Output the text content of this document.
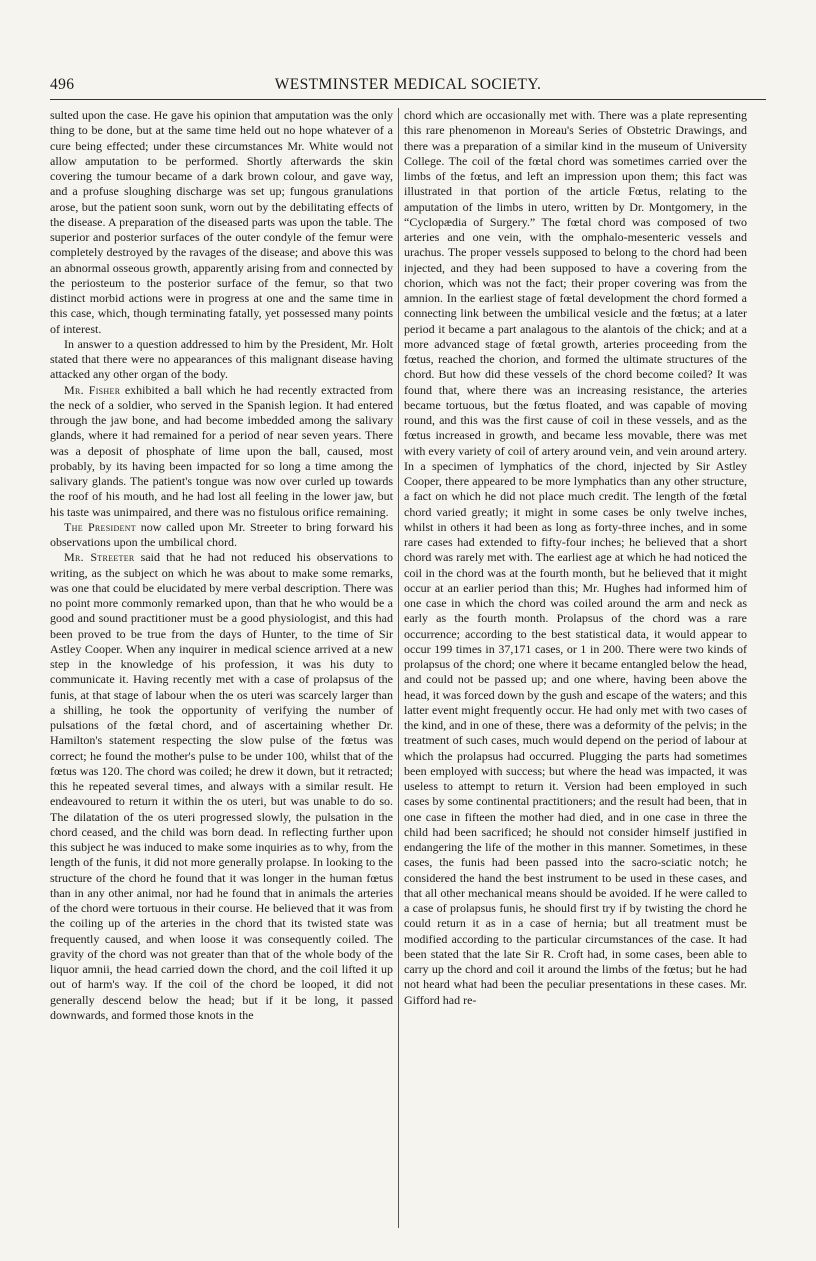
496	WESTMINSTER MEDICAL SOCIETY.

sulted upon the case. He gave his opinion that amputation was the only thing to be done, but at the same time held out no hope whatever of a cure being effected; under these circumstances Mr. White would not allow amputation to be performed. Shortly afterwards the skin covering the tumour became of a dark brown colour, and gave way, and a profuse sloughing discharge was set up; fungous granulations arose, but the patient soon sunk, worn out by the debilitating effects of the disease. A preparation of the diseased parts was upon the table. The superior and posterior surfaces of the outer condyle of the femur were completely destroyed by the ravages of the disease; and above this was an abnormal osseous growth, apparently arising from and connected by the periosteum to the posterior surface of the femur, so that two distinct morbid actions were in progress at one and the same time in this case, which, though terminating fatally, yet possessed many points of interest.

In answer to a question addressed to him by the President, Mr. Holt stated that there were no appearances of this malignant disease having attacked any other organ of the body.

Mr. Fisher exhibited a ball which he had recently extracted from the neck of a soldier, who served in the Spanish legion. It had entered through the jaw bone, and had become imbedded among the salivary glands, where it had remained for a period of near seven years. There was a deposit of phosphate of lime upon the ball, caused, most probably, by its having been impacted for so long a time among the salivary glands. The patient's tongue was now over curled up towards the roof of his mouth, and he had lost all feeling in the lower jaw, but his taste was unimpaired, and there was no fistulous orifice remaining.

The President now called upon Mr. Streeter to bring forward his observations upon the umbilical chord.

Mr. Streeter said that he had not reduced his observations to writing, as the subject on which he was about to make some remarks, was one that could be elucidated by mere verbal description. There was no point more commonly remarked upon, than that he who would be a good and sound practitioner must be a good physiologist, and this had been proved to be true from the days of Hunter, to the time of Sir Astley Cooper. When any inquirer in medical science arrived at a new step in the knowledge of his profession, it was his duty to communicate it. Having recently met with a case of prolapsus of the funis, at that stage of labour when the os uteri was scarcely larger than a shilling, he took the opportunity of verifying the number of pulsations of the fœtal chord, and of ascertaining whether Dr. Hamilton's statement respecting the slow pulse of the fœtus was correct; he found the mother's pulse to be under 100, whilst that of the fœtus was 120. The chord was coiled; he drew it down, but it retracted; this he repeated several times, and always with a similar result. He endeavoured to return it within the os uteri, but was unable to do so. The dilatation of the os uteri progressed slowly, the pulsation in the chord ceased, and the child was born dead. In reflecting further upon this subject he was induced to make some inquiries as to why, from the length of the funis, it did not more generally prolapse. In looking to the structure of the chord he found that it was longer in the human fœtus than in any other animal, nor had he found that in animals the arteries of the chord were tortuous in their course. He believed that it was from the coiling up of the arteries in the chord that its twisted state was frequently caused, and when loose it was consequently coiled. The gravity of the chord was not greater than that of the whole body of the liquor amnii, the head carried down the chord, and the coil lifted it up out of harm's way. If the coil of the chord be looped, it did not generally descend below the head; but if it be long, it passed downwards, and formed those knots in the

chord which are occasionally met with. There was a plate representing this rare phenomenon in Moreau's Series of Obstetric Drawings, and there was a preparation of a similar kind in the museum of University College. The coil of the fœtal chord was sometimes carried over the limbs of the fœtus, and left an impression upon them; this fact was illustrated in that portion of the article Fœtus, relating to the amputation of the limbs in utero, written by Dr. Montgomery, in the “Cyclopædia of Surgery.” The fœtal chord was composed of two arteries and one vein, with the omphalo-mesenteric vessels and urachus. The proper vessels supposed to belong to the chord had been injected, and they had been supposed to have a covering from the chorion, which was not the fact; their proper covering was from the amnion. In the earliest stage of fœtal development the chord formed a connecting link between the umbilical vesicle and the fœtus; at a later period it became a part analagous to the alantois of the chick; and at a more advanced stage of fœtal growth, arteries proceeding from the fœtus, reached the chorion, and formed the ultimate structures of the chord. But how did these vessels of the chord become coiled? It was found that, where there was an increasing resistance, the arteries became tortuous, but the fœtus floated, and was capable of moving round, and this was the first cause of coil in these vessels, and as the fœtus increased in growth, and became less movable, there was met with every variety of coil of artery around vein, and vein around artery. In a specimen of lymphatics of the chord, injected by Sir Astley Cooper, there appeared to be more lymphatics than any other structure, a fact on which he did not place much credit. The length of the fœtal chord varied greatly; it might in some cases be only twelve inches, whilst in others it had been as long as forty-three inches, and in some rare cases had extended to fifty-four inches; he believed that a short chord was rarely met with. The earliest age at which he had noticed the coil in the chord was at the fourth month, but he believed that it might occur at an earlier period than this; Mr. Hughes had informed him of one case in which the chord was coiled around the arm and neck as early as the fourth month. Prolapsus of the chord was a rare occurrence; according to the best statistical data, it would appear to occur 199 times in 37,171 cases, or 1 in 200. There were two kinds of prolapsus of the chord; one where it became entangled below the head, and could not be passed up; and one where, having been above the head, it was forced down by the gush and escape of the waters; and this latter event might frequently occur. He had only met with two cases of the kind, and in one of these, there was a deformity of the pelvis; in the treatment of such cases, much would depend on the period of labour at which the prolapsus had occurred. Plugging the parts had sometimes been employed with success; but where the head was impacted, it was useless to attempt to return it. Version had been employed in such cases by some continental practitioners; and the result had been, that in one case in fifteen the mother had died, and in one case in three the child had been sacrificed; he should not consider himself justified in endangering the life of the mother in this manner. Sometimes, in these cases, the funis had been passed into the sacro-sciatic notch; he considered the hand the best instrument to be used in these cases, and that all other mechanical means should be avoided. If he were called to a case of prolapsus funis, he should first try if by twisting the chord he could return it as in a case of hernia; but all treatment must be modified according to the particular circumstances of the case. It had been stated that the late Sir R. Croft had, in some cases, been able to carry up the chord and coil it around the limbs of the fœtus; but he had not heard what had been the peculiar presentations in these cases. Mr. Gifford had re-
